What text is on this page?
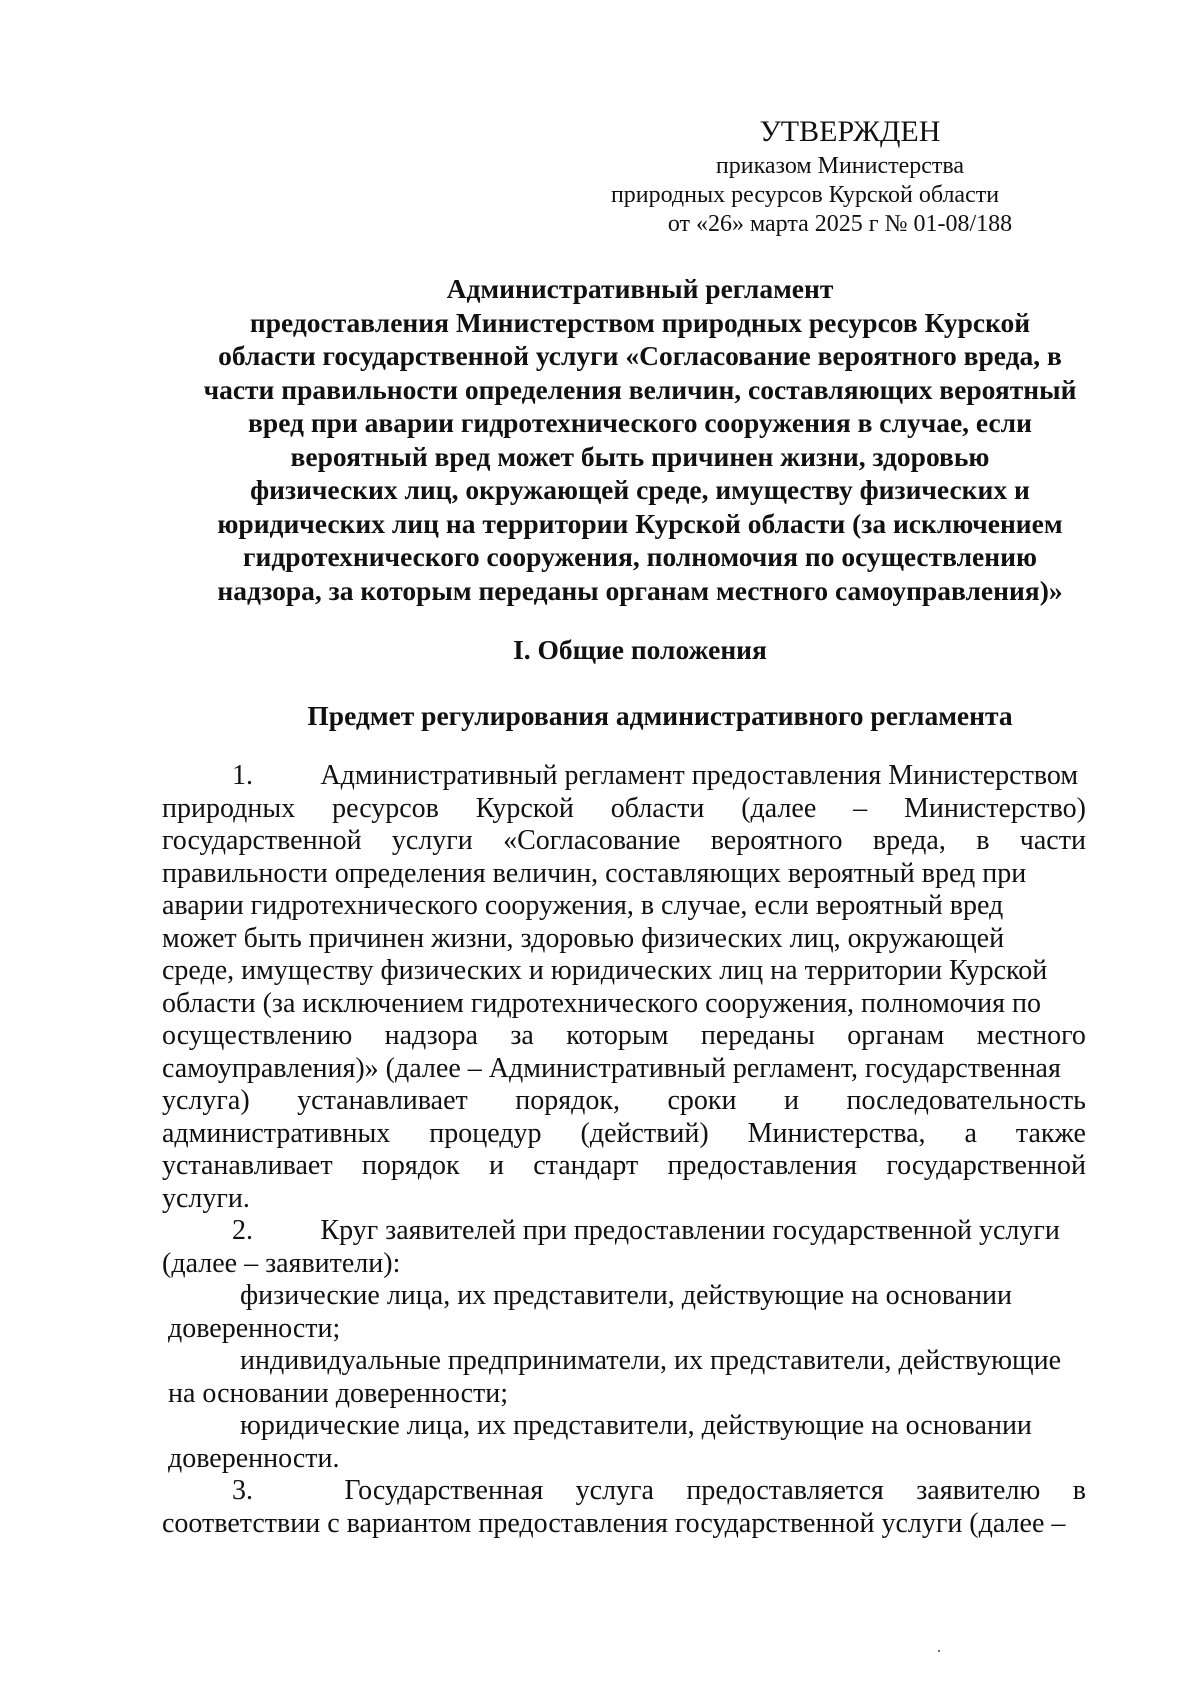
УТВЕРЖДЕН
приказом Министерства
природных ресурсов Курской области
от «26» марта 2025 г № 01-08/188
Административный регламент
предоставления Министерством природных ресурсов Курской
области государственной услуги «Согласование вероятного вреда, в
части правильности определения величин, составляющих вероятный
вред при аварии гидротехнического сооружения в случае, если
вероятный вред может быть причинен жизни, здоровью
физических лиц, окружающей среде, имуществу физических и
юридических лиц на территории Курской области (за исключением
гидротехнического сооружения, полномочия по осуществлению
надзора, за которым переданы органам местного самоуправления)»
I. Общие положения
Предмет регулирования административного регламента
1.	Административный регламент предоставления Министерством
природных ресурсов Курской области (далее – Министерство)
государственной услуги «Согласование вероятного вреда, в части
правильности определения величин, составляющих вероятный вред при
аварии гидротехнического сооружения, в случае, если вероятный вред
может быть причинен жизни, здоровью физических лиц, окружающей
среде, имуществу физических и юридических лиц на территории Курской
области (за исключением гидротехнического сооружения, полномочия по
осуществлению надзора за которым переданы органам местного
самоуправления)» (далее – Административный регламент, государственная
услуга) устанавливает порядок, сроки и последовательность
административных процедур (действий) Министерства, а также
устанавливает порядок и стандарт предоставления государственной
услуги.
2.	Круг заявителей при предоставлении государственной услуги
(далее – заявители):
физические лица, их представители, действующие на основании
доверенности;
индивидуальные предприниматели, их представители, действующие
на основании доверенности;
юридические лица, их представители, действующие на основании
доверенности.
3.	Государственная услуга предоставляется заявителю в
соответствии с вариантом предоставления государственной услуги (далее –
